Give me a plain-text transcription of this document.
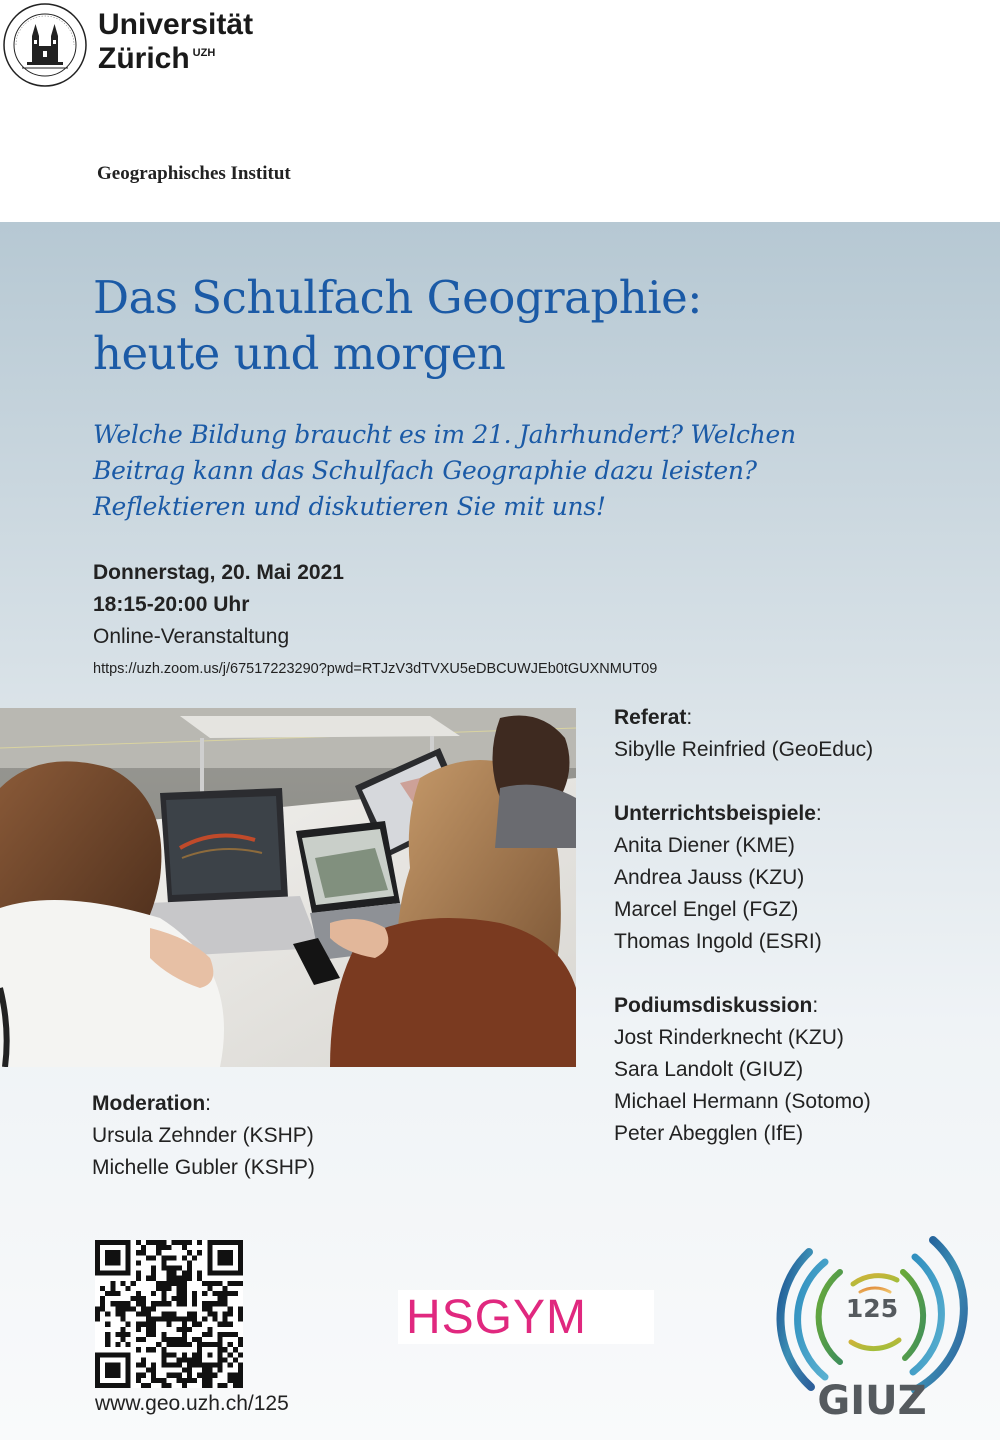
Universität
Zürich UZH
Geographisches Institut
Das Schulfach Geographie:
heute und morgen
Welche Bildung braucht es im 21. Jahrhundert? Welchen
Beitrag kann das Schulfach Geographie dazu leisten?
Reflektieren und diskutieren Sie mit uns!
Donnerstag, 20. Mai 2021
18:15-20:00 Uhr
Online-Veranstaltung
https://uzh.zoom.us/j/67517223290?pwd=RTJzV3dTVXU5eDBCUWJEb0tGUXNMUT09
Referat:
Sibylle Reinfried (GeoEduc)
Unterrichtsbeispiele:
Anita Diener (KME)
Andrea Jauss (KZU)
Marcel Engel (FGZ)
Thomas Ingold (ESRI)
Podiumsdiskussion:
Jost Rinderknecht (KZU)
Sara Landolt (GIUZ)
Michael Hermann (Sotomo)
Peter Abegglen (IfE)
Moderation:
Ursula Zehnder (KSHP)
Michelle Gubler (KSHP)
www.geo.uzh.ch/125
HSGYM	125
GIUZ
